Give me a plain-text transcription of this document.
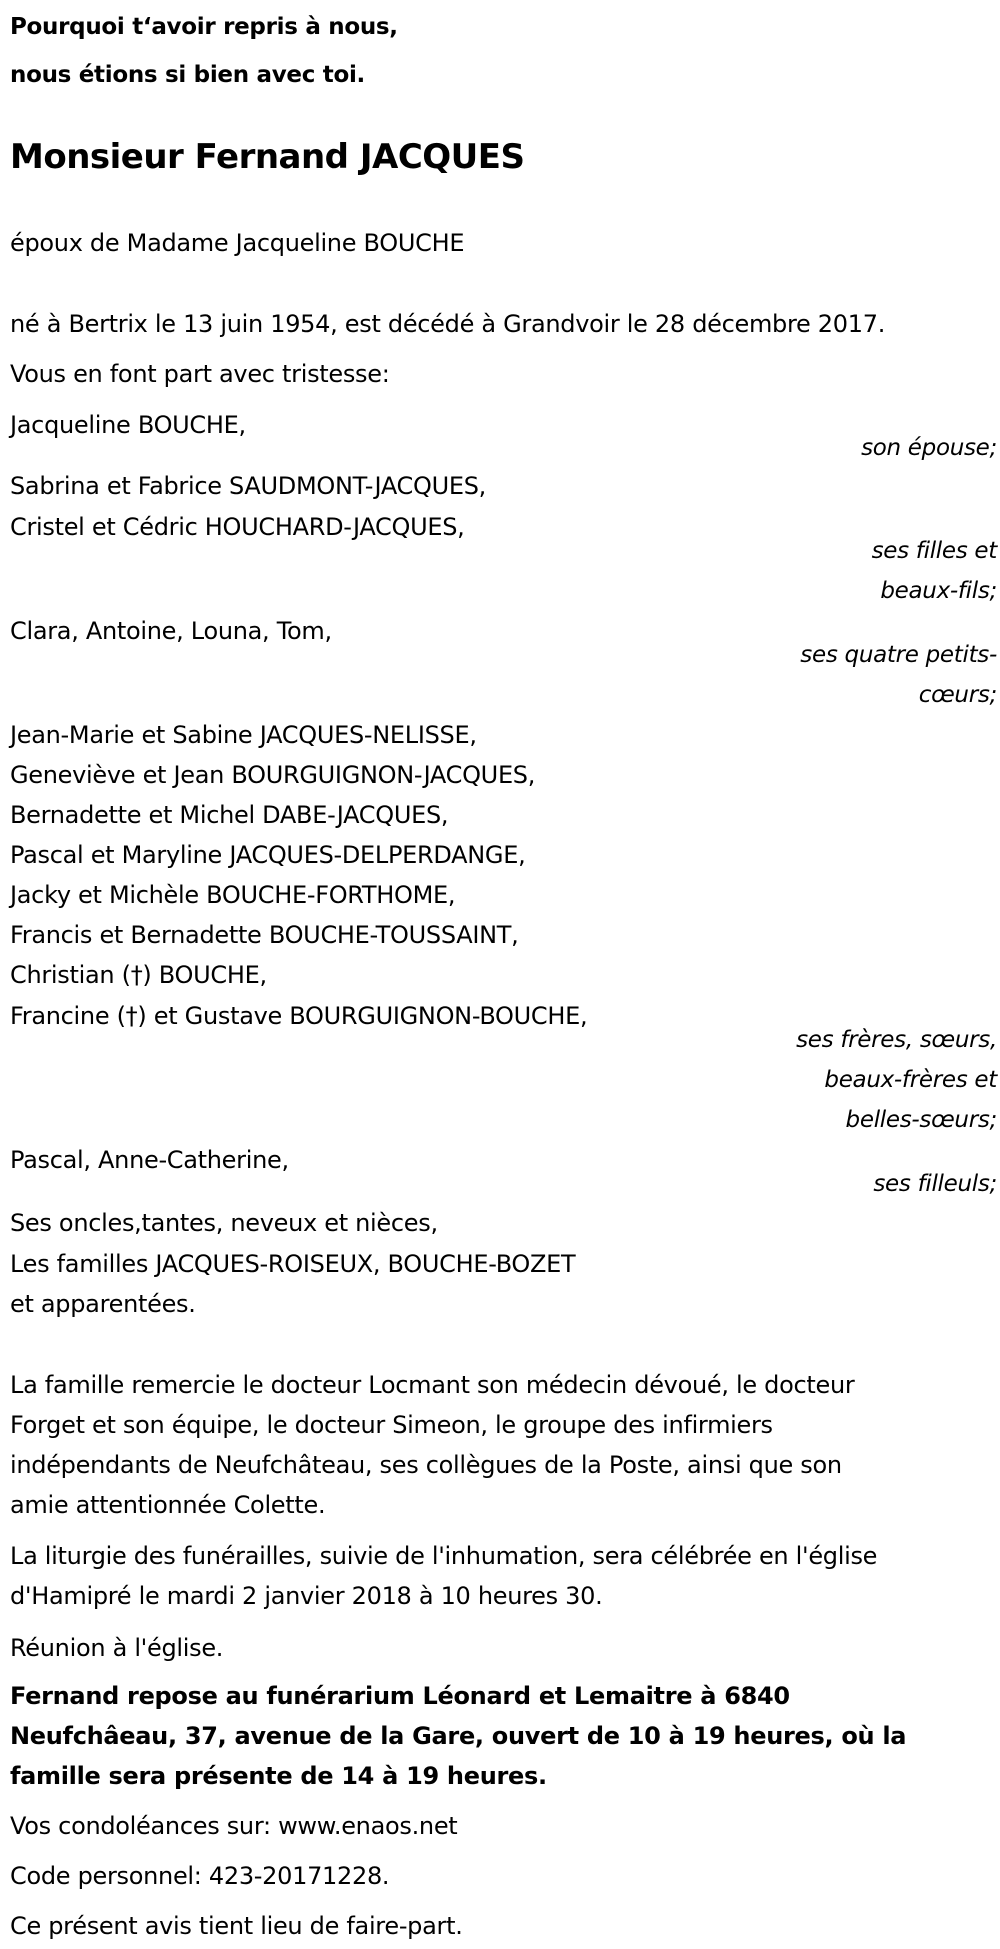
Pourquoi t‘avoir repris à nous,
nous étions si bien avec toi.
Monsieur Fernand JACQUES
époux de Madame Jacqueline BOUCHE
né à Bertrix le 13 juin 1954, est décédé à Grandvoir le 28 décembre 2017.
Vous en font part avec tristesse:
Jacqueline BOUCHE,
son épouse;
Sabrina et Fabrice SAUDMONT-JACQUES,
Cristel et Cédric HOUCHARD-JACQUES,
ses filles et
beaux-fils;
Clara, Antoine, Louna, Tom,
ses quatre petits-
cœurs;
Jean-Marie et Sabine JACQUES-NELISSE,
Geneviève et Jean BOURGUIGNON-JACQUES,
Bernadette et Michel DABE-JACQUES,
Pascal et Maryline JACQUES-DELPERDANGE,
Jacky et Michèle BOUCHE-FORTHOME,
Francis et Bernadette BOUCHE-TOUSSAINT,
Christian (†) BOUCHE,
Francine (†) et Gustave BOURGUIGNON-BOUCHE,
ses frères, sœurs,
beaux-frères et
belles-sœurs;
Pascal, Anne-Catherine,
ses filleuls;
Ses oncles,tantes, neveux et nièces,
Les familles JACQUES-ROISEUX, BOUCHE-BOZET
et apparentées.
La famille remercie le docteur Locmant son médecin dévoué, le docteur
Forget et son équipe, le docteur Simeon, le groupe des infirmiers
indépendants de Neufchâteau, ses collègues de la Poste, ainsi que son
amie attentionnée Colette.
La liturgie des funérailles, suivie de l'inhumation, sera célébrée en l'église
d'Hamipré le mardi 2 janvier 2018 à 10 heures 30.
Réunion à l'église.
Fernand repose au funérarium Léonard et Lemaitre à 6840
Neufchâeau, 37, avenue de la Gare, ouvert de 10 à 19 heures, où la
famille sera présente de 14 à 19 heures.
Vos condoléances sur: www.enaos.net
Code personnel: 423-20171228.
Ce présent avis tient lieu de faire-part.
